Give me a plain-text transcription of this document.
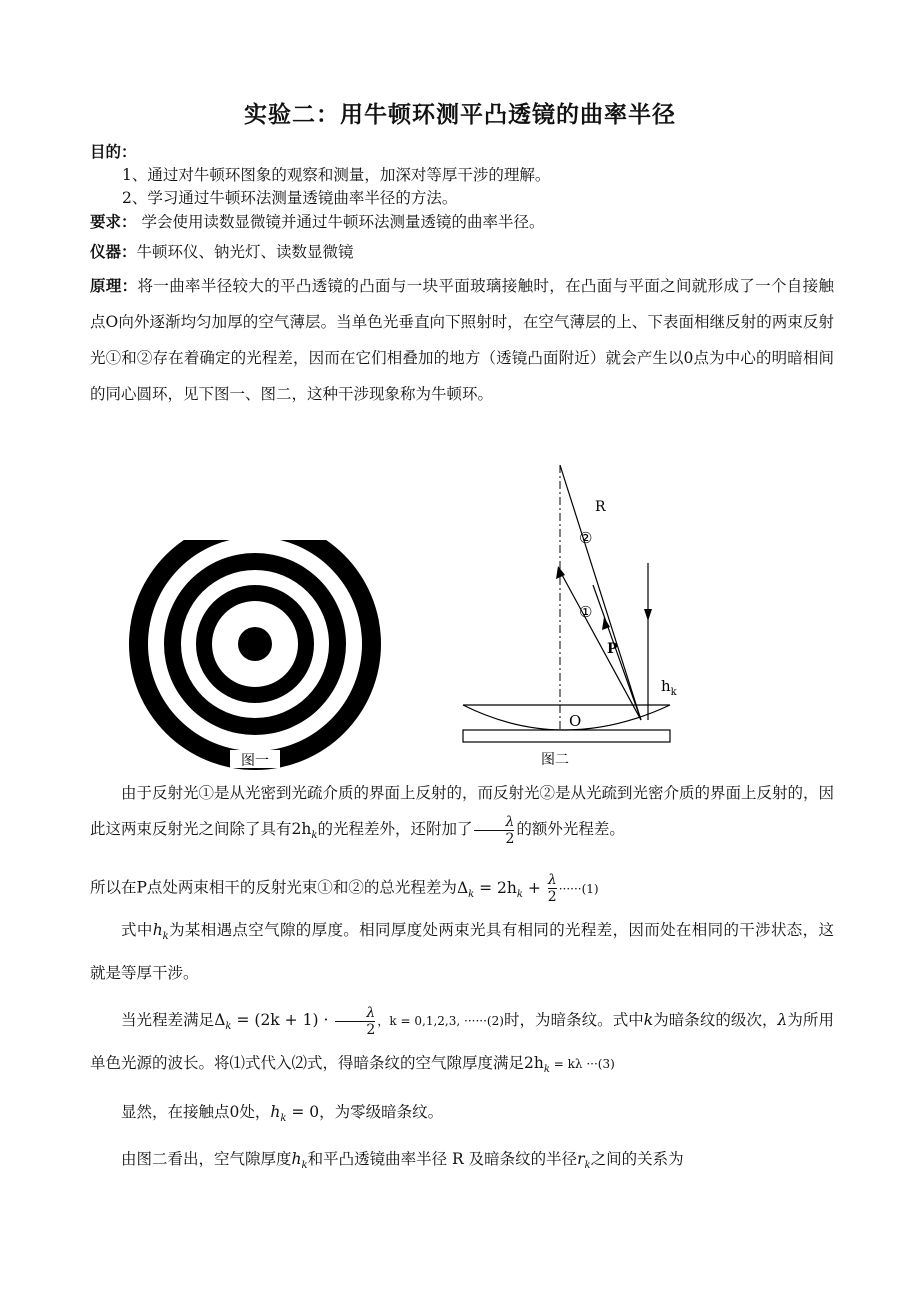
实验二：用牛顿环测平凸透镜的曲率半径
目的：
1、通过对牛顿环图象的观察和测量，加深对等厚干涉的理解。
2、学习通过牛顿环法测量透镜曲率半径的方法。
要求： 学会使用读数显微镜并通过牛顿环法测量透镜的曲率半径。
仪器：牛顿环仪、钠光灯、读数显微镜
原理：将一曲率半径较大的平凸透镜的凸面与一块平面玻璃接触时，在凸面与平面之间就形成了一个自接触点O向外逐渐均匀加厚的空气薄层。当单色光垂直向下照射时，在空气薄层的上、下表面相继反射的两束反射光①和②存在着确定的光程差，因而在它们相叠加的地方（透镜凸面附近）就会产生以0点为中心的明暗相间的同心圆环，见下图一、图二，这种干涉现象称为牛顿环。
图一
R
②
①
P
$h_k$
O
图二
由于反射光①是从光密到光疏介质的界面上反射的，而反射光②是从光疏到光密介质的界面上反射的，因此这两束反射光之间除了具有$2h_k$的光程差外，还附加了 $\frac{\lambda}{2}$ 的额外光程差。
所以在P点处两束相干的反射光束①和②的总光程差为$\Delta_k = 2h_k + \frac{\lambda}{2} \cdot\cdot\cdot\cdot\cdot\cdot(1)$
式中$h_k$为某相遇点空气隙的厚度。相同厚度处两束光具有相同的光程差，因而处在相同的干涉状态，这就是等厚干涉。
当光程差满足$\Delta_k = (2k + 1) \cdot \frac{\lambda}{2}$ ，k = 0,1,2,3, ······(2)时，为暗条纹。式中k为暗条纹的级次，λ为所用单色光源的波长。将⑴式代入⑵式，得暗条纹的空气隙厚度满足$2h_k = k\lambda \cdot\cdot\cdot(3)$
显然，在接触点0处，$h_k = 0$，为零级暗条纹。
由图二看出，空气隙厚度$h_k$和平凸透镜曲率半径 R 及暗条纹的半径$r_k$之间的关系为
